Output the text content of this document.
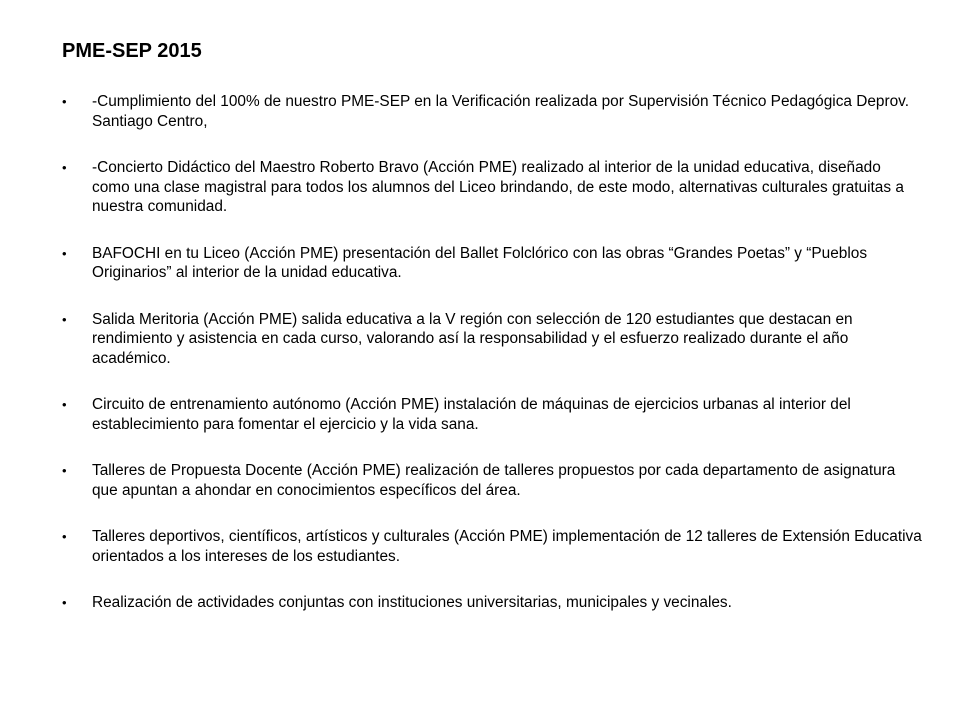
PME-SEP 2015
• -Cumplimiento del 100% de nuestro PME-SEP en la Verificación realizada por Supervisión Técnico Pedagógica Deprov. Santiago Centro,
• -Concierto Didáctico del Maestro Roberto Bravo (Acción PME) realizado al interior de la unidad educativa, diseñado como una clase magistral para todos los alumnos del Liceo brindando, de este modo, alternativas culturales gratuitas a nuestra comunidad.
• BAFOCHI en tu Liceo (Acción PME) presentación del Ballet Folclórico con las obras “Grandes Poetas” y “Pueblos Originarios” al interior de la unidad educativa.
• Salida Meritoria (Acción PME) salida educativa a la V región con selección de 120 estudiantes que destacan en rendimiento y asistencia en cada curso, valorando así la responsabilidad y el esfuerzo realizado durante el año académico.
• Circuito de entrenamiento autónomo (Acción PME) instalación de máquinas de ejercicios urbanas al interior del establecimiento para fomentar el ejercicio y la vida sana.
• Talleres de Propuesta Docente (Acción PME) realización de talleres propuestos por cada departamento de asignatura que apuntan a ahondar en conocimientos específicos del área.
• Talleres deportivos, científicos, artísticos y culturales (Acción PME) implementación de 12 talleres de Extensión Educativa orientados a los intereses de los estudiantes.
• Realización de actividades conjuntas con instituciones universitarias, municipales y vecinales.
